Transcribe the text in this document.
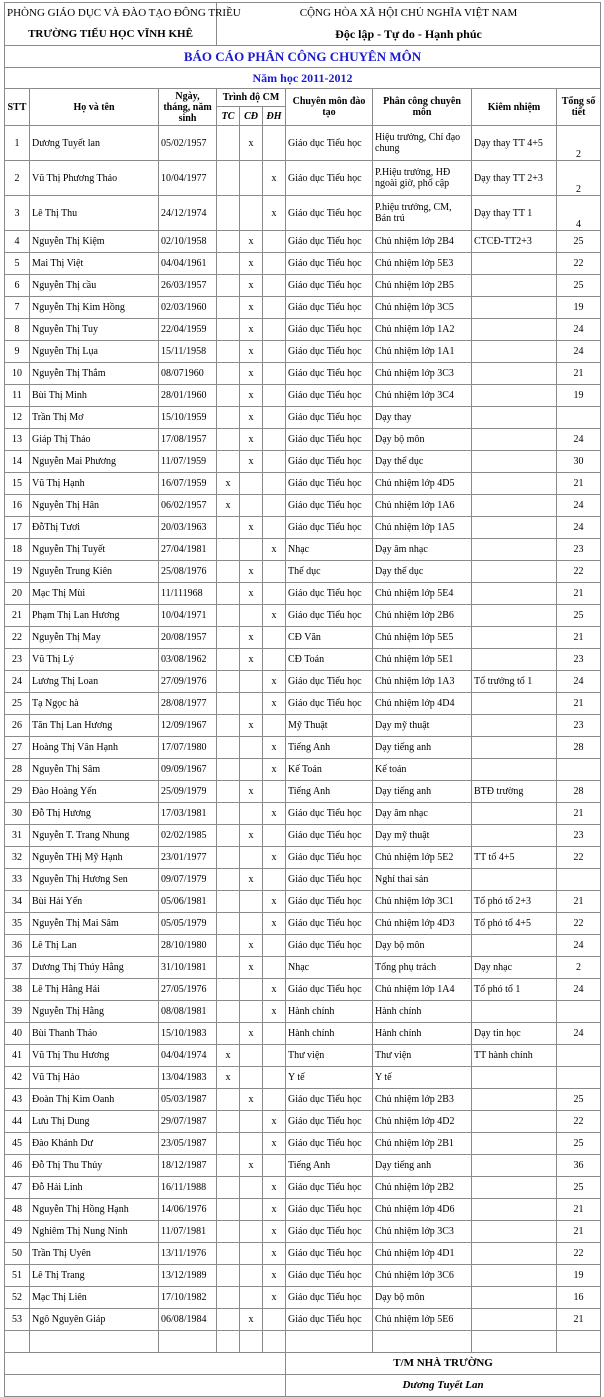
PHÒNG GIÁO DỤC VÀ ĐÀO TẠO ĐÔNG TRIỀU			CỘNG HÒA XÃ HỘI CHỦ NGHĨA VIỆT NAM						
TRƯỜNG TIỂU HỌC VĨNH KHÊ			Độc lập - Tự do - Hạnh phúc						
BÁO CÁO PHÂN CÔNG CHUYÊN MÔN									
Năm học 2011-2012									
STT	Họ và tên	Ngày, tháng, năm sinh	Trình độ CM			Chuyên môn đào tạo	Phân công chuyên môn	Kiêm nhiệm	Tổng số tiết
			TC	CĐ	ĐH				
1	Dương Tuyết lan	05/02/1957		x		Giáo dục Tiểu học	Hiệu trưởng, Chỉ đạo chung	Dạy thay TT 4+5	2
2	Vũ Thị Phương Thảo	10/04/1977			x	Giáo dục Tiểu học	P.Hiệu trưởng, HĐ ngoài giờ, phổ cập	Dạy thay TT 2+3	2
3	Lê Thị Thu	24/12/1974			x	Giáo dục Tiểu học	P.hiệu trưởng, CM, Bán trú	Dạy thay TT 1	4
4	Nguyễn Thị Kiệm	02/10/1958		x		Giáo dục Tiểu học	Chủ nhiệm lớp 2B4	CTCĐ-TT2+3	25
5	Mai Thị Việt	04/04/1961		x		Giáo dục Tiểu học	Chủ nhiệm lớp 5E3		22
6	Nguyễn Thị cầu	26/03/1957		x		Giáo dục Tiểu học	Chủ nhiệm lớp 2B5		25
7	Nguyễn Thị Kim Hồng	02/03/1960		x		Giáo dục Tiểu học	Chủ nhiệm lớp 3C5		19
8	Nguyễn Thị Tuy	22/04/1959		x		Giáo dục Tiểu học	Chủ nhiệm lớp 1A2		24
9	Nguyễn Thị Lụa	15/11/1958		x		Giáo dục Tiểu học	Chủ nhiệm lớp 1A1		24
10	Nguyễn Thị Thắm	08/071960		x		Giáo dục Tiểu học	Chủ nhiệm lớp 3C3		21
11	Bùi Thị Minh	28/01/1960		x		Giáo dục Tiểu học	Chủ nhiệm lớp 3C4		19
12	Trần Thị Mơ	15/10/1959		x		Giáo dục Tiểu học	Dạy thay		
13	Giáp Thị Thảo	17/08/1957		x		Giáo dục Tiểu học	Dạy bộ môn		24
14	Nguyễn Mai Phương	11/07/1959		x		Giáo dục Tiểu học	Dạy thể dục		30
15	Vũ Thị Hạnh	16/07/1959	x			Giáo dục Tiểu học	Chủ nhiệm lớp 4D5		21
16	Nguyễn Thị Hân	06/02/1957	x			Giáo dục Tiểu học	Chủ nhiệm lớp 1A6		24
17	ĐỗThị Tươi	20/03/1963		x		Giáo dục Tiểu học	Chủ nhiệm lớp 1A5		24
18	Nguyễn Thị Tuyết	27/04/1981			x	Nhạc	Dạy âm nhạc		23
19	Nguyễn Trung Kiên	25/08/1976		x		Thể dục	Dạy thể dục		22
20	Mạc Thị Mùi	11/111968		x		Giáo dục Tiểu học	Chủ nhiệm lớp 5E4		21
21	Phạm Thị Lan Hương	10/04/1971			x	Giáo dục Tiểu học	Chủ nhiệm lớp 2B6		25
22	Nguyễn Thị May	20/08/1957		x		CĐ Văn	Chủ nhiệm lớp 5E5		21
23	Vũ Thị Lý	03/08/1962		x		CĐ Toán	Chủ nhiệm lớp 5E1		23
24	Lương Thị Loan	27/09/1976			x	Giáo dục Tiểu học	Chủ nhiệm lớp 1A3	Tổ trưởng tổ 1	24
25	Tạ Ngọc hà	28/08/1977			x	Giáo dục Tiểu học	Chủ nhiệm lớp 4D4		21
26	Tăn Thị Lan Hương	12/09/1967		x		Mỹ Thuật	Dạy mỹ thuật		23
27	Hoàng Thị Vân Hạnh	17/07/1980			x	Tiếng Anh	Dạy tiếng anh		28
28	Nguyễn Thị Sâm	09/09/1967			x	Kế Toán	Kế toán		
29	Đào Hoàng Yến	25/09/1979		x		Tiếng Anh	Dạy tiếng anh	BTĐ trường	28
30	Đỗ Thị Hương	17/03/1981			x	Giáo dục Tiểu học	Dạy âm nhạc		21
31	Nguyễn T. Trang Nhung	02/02/1985		x		Giáo dục Tiểu học	Dạy mỹ thuật		23
32	Nguyễn THị Mỹ Hạnh	23/01/1977			x	Giáo dục Tiểu học	Chủ nhiệm lớp 5E2	TT tổ 4+5	22
33	Nguyễn Thị Hương Sen	09/07/1979		x		Giáo dục Tiểu học	Nghỉ thai sản		
34	Bùi Hải Yến	05/06/1981			x	Giáo dục Tiểu học	Chủ nhiệm lớp 3C1	Tổ phó tổ 2+3	21
35	Nguyễn Thị Mai Sâm	05/05/1979			x	Giáo dục Tiểu học	Chủ nhiệm lớp 4D3	Tổ phó tổ 4+5	22
36	Lê Thị Lan	28/10/1980		x		Giáo dục Tiểu học	Dạy bộ môn		24
37	Dương Thị Thúy Hằng	31/10/1981		x		Nhạc	Tổng phụ trách	Dạy nhạc	2
38	Lê Thị Hằng Hải	27/05/1976			x	Giáo dục Tiểu học	Chủ nhiệm lớp 1A4	Tổ phó tổ 1	24
39	Nguyễn Thị Hằng	08/08/1981			x	Hành chính	Hành chính		
40	Bùi Thanh Thảo	15/10/1983		x		Hành chính	Hành chính	Dạy tin học	24
41	Vũ Thị Thu Hương	04/04/1974	x			Thư viện	Thư viện	TT hành chính	
42	Vũ Thị Hảo	13/04/1983	x			Y tế	Y tế		
43	Đoàn Thị Kim Oanh	05/03/1987		x		Giáo dục Tiểu học	Chủ nhiệm lớp 2B3		25
44	Lưu Thị Dung	29/07/1987			x	Giáo dục Tiểu học	Chủ nhiệm lớp 4D2		22
45	Đào Khánh Dư	23/05/1987			x	Giáo dục Tiểu học	Chủ nhiệm lớp 2B1		25
46	Đỗ Thị Thu Thủy	18/12/1987		x		Tiếng Anh	Dạy tiếng anh		36
47	Đỗ Hải Linh	16/11/1988			x	Giáo dục Tiểu học	Chủ nhiệm lớp 2B2		25
48	Nguyễn Thị Hồng Hạnh	14/06/1976			x	Giáo dục Tiểu học	Chủ nhiệm lớp 4D6		21
49	Nghiêm Thị Nung Ninh	11/07/1981			x	Giáo dục Tiểu học	Chủ nhiệm lớp 3C3		21
50	Trần Thị Uyên	13/11/1976			x	Giáo dục Tiểu học	Chủ nhiệm lớp 4D1		22
51	Lê Thị Trang	13/12/1989			x	Giáo dục Tiểu học	Chủ nhiệm lớp 3C6		19
52	Mạc Thị Liên	17/10/1982			x	Giáo dục Tiểu học	Dạy bộ môn		16
53	Ngô Nguyên Giáp	06/08/1984		x		Giáo dục Tiểu học	Chủ nhiệm lớp 5E6		21

						T/M NHÀ TRƯỜNG			
						Dương Tuyết Lan			
